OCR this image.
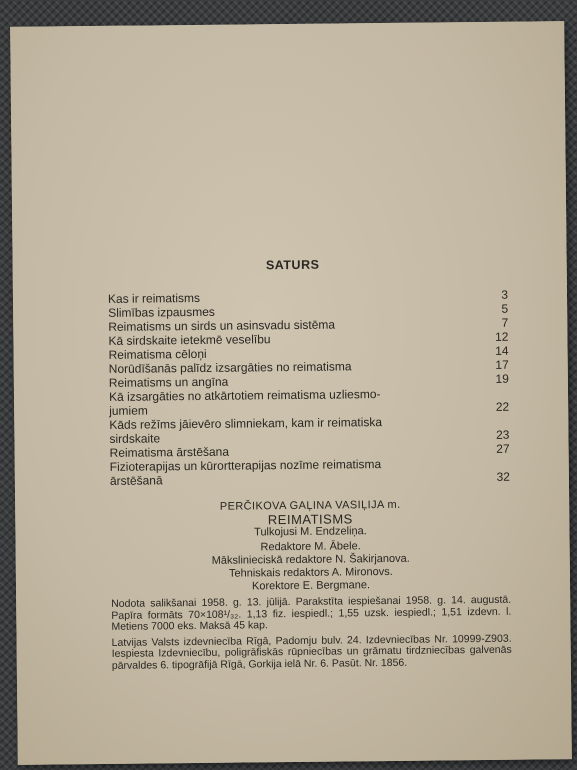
SATURS
Kas ir reimatisms	3
Slimības izpausmes	5
Reimatisms un sirds un asinsvadu sistēma	7
Kā sirdskaite ietekmē veselību	12
Reimatisma cēloņi	14
Norūdīšanās palīdz izsargāties no reimatisma	17
Reimatisms un angīna	19
Kā izsargāties no atkārtotiem reimatisma uzliesmo-
jumiem	22
Kāds režīms jāievēro slimniekam, kam ir reimatiska
sirdskaite	23
Reimatisma ārstēšana	27
Fizioterapijas un kūrortterapijas nozīme reimatisma
ārstēšanā	32
PERČIKOVA GAĻINA VASIĻIJA m.
REIMATISMS
Tulkojusi M. Endzeliņa.
Redaktore M. Ābele.
Mākslinieciskā redaktore N. Šakirjanova.
Tehniskais redaktors A. Mironovs.
Korektore E. Bergmane.
Nodota salikšanai 1958. g. 13. jūlijā. Parakstīta iespiešanai 1958. g. 14. augustā. Papīra formāts 70×108¹/₃₂. 1,13 fiz. iespiedl.; 1,55 uzsk. iespiedl.; 1,51 izdevn. l. Metiens 7000 eks. Maksā 45 kap.
Latvijas Valsts izdevniecība Rīgā, Padomju bulv. 24. Izdevniecības Nr. 10999-Z903. Iespiesta Izdevniecību, poligrāfiskās rūpniecības un grāmatu tirdzniecības galvenās pārvaldes 6. tipogrāfijā Rīgā, Gorkija ielā Nr. 6. Pasūt. Nr. 1856.
